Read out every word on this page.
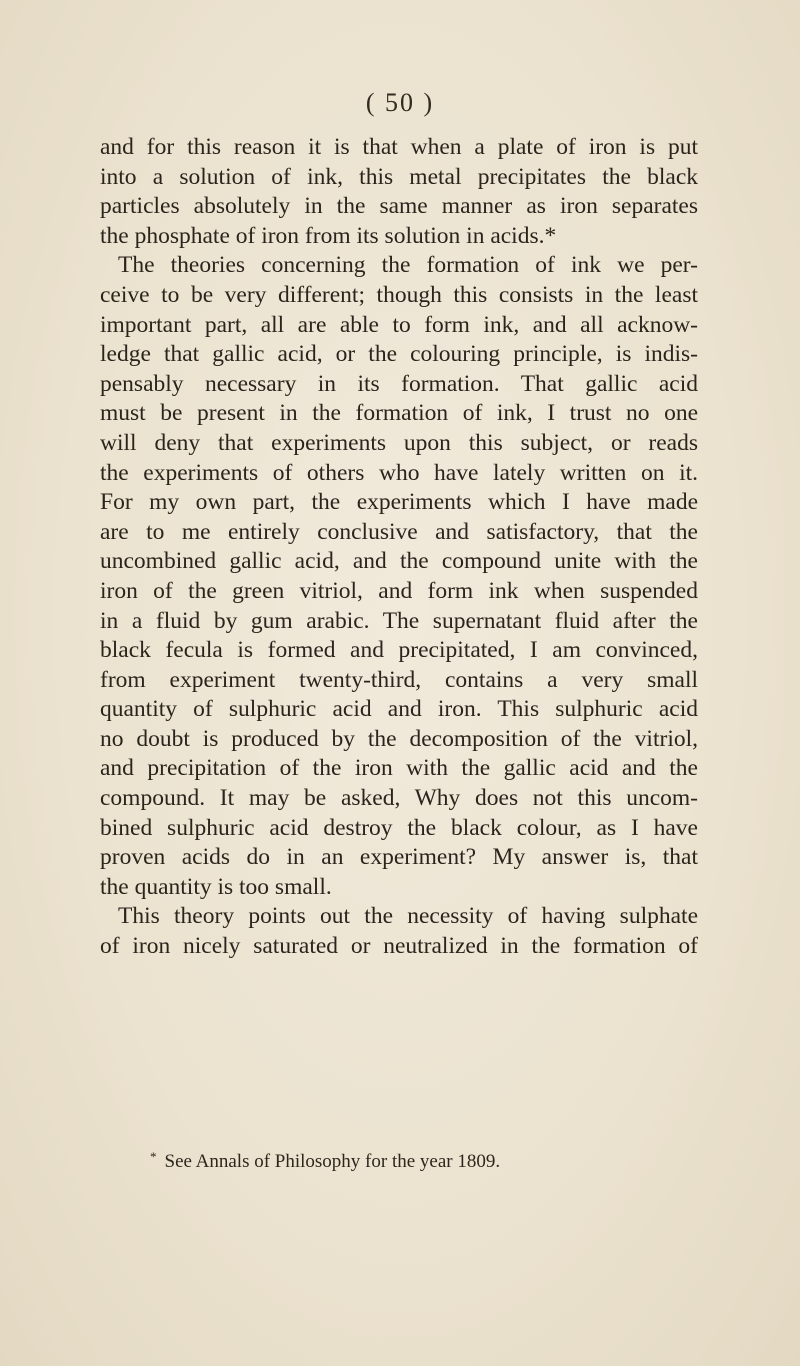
( 50 )
and for this reason it is that when a plate of iron is put
into a solution of ink, this metal precipitates the black
particles absolutely in the same manner as iron separates
the phosphate of iron from its solution in acids.*
The theories concerning the formation of ink we per-
ceive to be very different; though this consists in the least
important part, all are able to form ink, and all acknow-
ledge that gallic acid, or the colouring principle, is indis-
pensably necessary in its formation. That gallic acid
must be present in the formation of ink, I trust no one
will deny that experiments upon this subject, or reads
the experiments of others who have lately written on it.
For my own part, the experiments which I have made
are to me entirely conclusive and satisfactory, that the
uncombined gallic acid, and the compound unite with the
iron of the green vitriol, and form ink when suspended
in a fluid by gum arabic. The supernatant fluid after the
black fecula is formed and precipitated, I am convinced,
from experiment twenty-third, contains a very small
quantity of sulphuric acid and iron. This sulphuric acid
no doubt is produced by the decomposition of the vitriol,
and precipitation of the iron with the gallic acid and the
compound. It may be asked, Why does not this uncom-
bined sulphuric acid destroy the black colour, as I have
proven acids do in an experiment? My answer is, that
the quantity is too small.
This theory points out the necessity of having sulphate
of iron nicely saturated or neutralized in the formation of
* See Annals of Philosophy for the year 1809.
